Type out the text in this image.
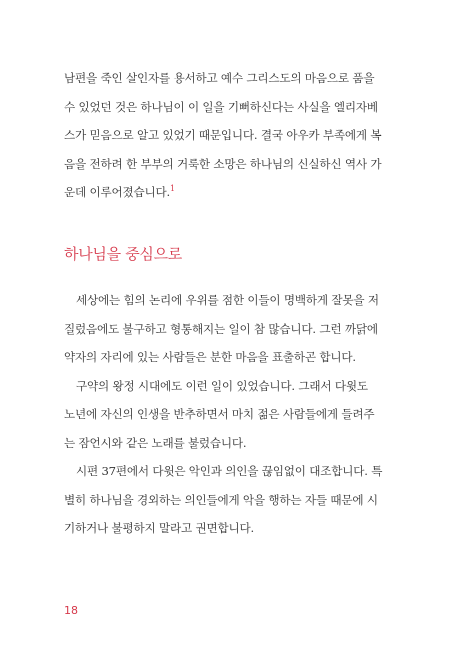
남편을 죽인 살인자를 용서하고 예수 그리스도의 마음으로 품을
수 있었던 것은 하나님이 이 일을 기뻐하신다는 사실을 엘리자베
스가 믿음으로 알고 있었기 때문입니다. 결국 아우카 부족에게 복
음을 전하려 한 부부의 거룩한 소망은 하나님의 신실하신 역사 가
운데 이루어졌습니다.$^1$
하나님을 중심으로
세상에는 힘의 논리에 우위를 점한 이들이 명백하게 잘못을 저
질렀음에도 불구하고 형통해지는 일이 참 많습니다. 그런 까닭에
약자의 자리에 있는 사람들은 분한 마음을 표출하곤 합니다.
구약의 왕정 시대에도 이런 일이 있었습니다. 그래서 다윗도
노년에 자신의 인생을 반추하면서 마치 젊은 사람들에게 들려주
는 잠언시와 같은 노래를 불렀습니다.
시편 37편에서 다윗은 악인과 의인을 끊임없이 대조합니다. 특
별히 하나님을 경외하는 의인들에게 악을 행하는 자들 때문에 시
기하거나 불평하지 말라고 권면합니다.
18
